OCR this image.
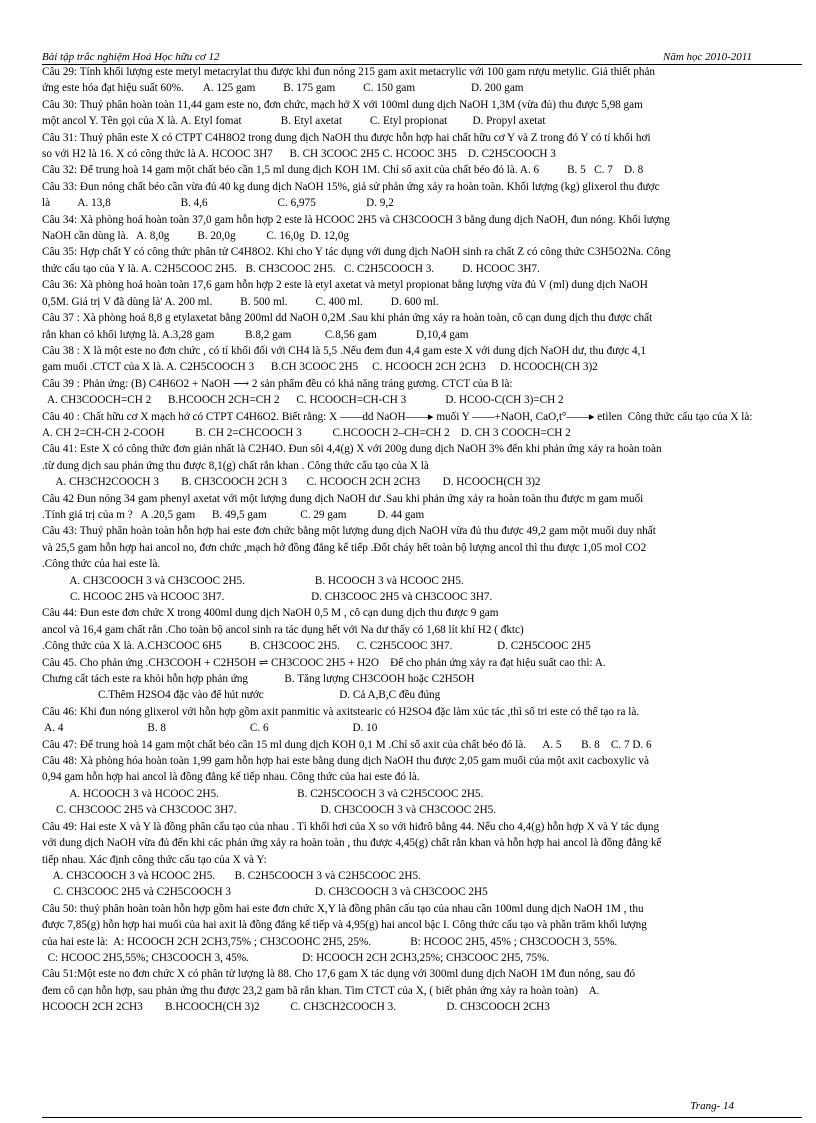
Bài tập trắc nghiệm Hoá Học hữu cơ 12	Năm học 2010-2011
Câu 29: Tính khối lượng este metyl metacrylat thu được khi đun nóng 215 gam axit metacrylic với 100 gam rượu metylic. Giả thiết phản
ứng este hóa đạt hiệu suất 60%.       A. 125 gam          B. 175 gam          C. 150 gam                    D. 200 gam
Câu 30: Thuỷ phân hoàn toàn 11,44 gam este no, đơn chức, mạch hở X với 100ml dung dịch NaOH 1,3M (vừa đủ) thu được 5,98 gam
một ancol Y. Tên gọi của X là. A. Etyl fomat              B. Etyl axetat          C. Etyl propionat         D. Propyl axetat
Câu 31: Thuỷ phân este X có CTPT C4H8O2 trong dung dịch NaOH thu được hỗn hợp hai chất hữu cơ Y và Z trong đó Y có tỉ khối hơi
so với H2 là 16. X có công thức là A. HCOOC 3H7      B. CH 3COOC 2H5 C. HCOOC 3H5    D. C2H5COOCH 3
Câu 32: Để trung hoà 14 gam một chất béo cần 1,5 ml dung dịch KOH 1M. Chỉ số axit của chất béo đó là. A. 6          B. 5   C. 7    D. 8
Câu 33: Đun nóng chất béo cần vừa đủ 40 kg dung dịch NaOH 15%, giả sử phản ứng xảy ra hoàn toàn. Khối lượng (kg) glixerol thu được
là          A. 13,8                         B. 4,6                         C. 6,975                  D. 9,2
Câu 34: Xà phòng hoá hoàn toàn 37,0 gam hỗn hợp 2 este là HCOOC 2H5 và CH3COOCH 3 bằng dung dịch NaOH, đun nóng. Khối lượng
NaOH cần dùng là.   A. 8,0g          B. 20,0g           C. 16,0g  D. 12,0g
Câu 35: Hợp chất Y có công thức phân tử C4H8O2. Khi cho Y tác dụng với dung dịch NaOH sinh ra chất Z có công thức C3H5O2Na. Công
thức cấu tạo của Y là. A. C2H5COOC 2H5.   B. CH3COOC 2H5.   C. C2H5COOCH 3.          D. HCOOC 3H7.
Câu 36: Xà phòng hoá hoàn toàn 17,6 gam hỗn hợp 2 este là etyl axetat và metyl propionat bằng lượng vừa đủ V (ml) dung dịch NaOH
0,5M. Giá trị V đã dùng là' A. 200 ml.          B. 500 ml.          C. 400 ml.          D. 600 ml.
Câu 37 : Xà phòng hoá 8,8 g etylaxetat bằng 200ml dd NaOH 0,2M .Sau khi phản ứng xảy ra hoàn toàn, cô cạn dung dịch thu được chất
rắn khan có khối lượng là. A.3,28 gam           B.8,2 gam            C.8,56 gam              D,10,4 gam
Câu 38 : X là một este no đơn chức , có tỉ khối đối với CH4 là 5,5 .Nếu đem đun 4,4 gam este X với dung dịch NaOH dư, thu được 4,1
gam muối .CTCT của X là. A. C2H5COOCH 3      B.CH 3COOC 2H5     C. HCOOCH 2CH 2CH3     D. HCOOCH(CH 3)2
Câu 39 : Phản ứng: (B) C4H6O2 + NaOH ⟶ 2 sản phẩm đều có khả năng tráng gương. CTCT của B là:
A. CH3COOCH=CH 2      B.HCOOCH 2CH=CH 2      C. HCOOCH=CH-CH 3              D. HCOO-C(CH 3)=CH 2
Câu 40 : Chất hữu cơ X mạch hở có CTPT C4H6O2. Biết rằng: X ——dd NaOH——▸ muối Y ——+NaOH, CaO,t°——▸ etilen  Công thức cấu tạo của X là:
A. CH 2=CH-CH 2-COOH           B. CH 2=CHCOOCH 3           C.HCOOCH 2–CH=CH 2    D. CH 3 COOCH=CH 2
Câu 41: Este X có công thức đơn giản nhất là C2H4O. Đun sôi 4,4(g) X với 200g dung dịch NaOH 3% đến khi phản ứng xảy ra hoàn toàn
.từ dung dịch sau phản ứng thu được 8,1(g) chất rắn khan . Công thức cấu tạo của X là
A. CH3CH2COOCH 3        B. CH3COOCH 2CH 3       C. HCOOCH 2CH 2CH3        D. HCOOCH(CH 3)2
Câu 42 Đun nóng 34 gam phenyl axetat với một lượng dung dịch NaOH dư .Sau khi phản ứng xảy ra hoàn toàn thu được m gam muối
.Tính giá trị của m ?   A .20,5 gam      B. 49,5 gam            C. 29 gam           D. 44 gam
Câu 43: Thuỷ phân hoàn toàn hỗn hợp hai este đơn chức bằng một lượng dung dịch NaOH vừa đủ thu được 49,2 gam một muối duy nhất
và 25,5 gam hỗn hợp hai ancol no, đơn chức ,mạch hở đồng đẳng kế tiếp .Đốt cháy hết toàn bộ lượng ancol thì thu được 1,05 mol CO2
.Công thức của hai este là.
A. CH3COOCH 3 và CH3COOC 2H5.                         B. HCOOCH 3 và HCOOC 2H5.
C. HCOOC 2H5 và HCOOC 3H7.                               D. CH3COOC 2H5 và CH3COOC 3H7.
Câu 44: Đun este đơn chức X trong 400ml dung dịch NaOH 0,5 M , cô cạn dung dịch thu được 9 gam
ancol và 16,4 gam chất rắn .Cho toàn bộ ancol sinh ra tác dụng hết với Na dư thấy có 1,68 lít khí H2 ( đktc)
.Công thức của X là. A.CH3COOC 6H5          B. CH3COOC 2H5.      C. C2H5COOC 3H7.                D. C2H5COOC 2H5
Câu 45. Cho phản ứng .CH3COOH + C2H5OH ⇌ CH3COOC 2H5 + H2O    Để cho phản ứng xảy ra đạt hiệu suất cao thì: A.
Chưng cất tách este ra khỏi hỗn hợp phản ứng             B. Tăng lượng CH3COOH hoặc C2H5OH
C.Thêm H2SO4 đặc vào để hút nước                           D. Cả A,B,C đều đúng
Câu 46: Khi đun nóng glixerol với hỗn hợp gồm axit panmitic và axitstearic có H2SO4 đặc làm xúc tác ,thì số tri este có thể tạo ra là.
A. 4                              B. 8                              C. 6                              D. 10
Câu 47: Để trung hoà 14 gam một chất béo cần 15 ml dung dịch KOH 0,1 M .Chỉ số axit của chất béo đó là.      A. 5       B. 8    C. 7 D. 6
Câu 48: Xà phòng hóa hoàn toàn 1,99 gam hỗn hợp hai este bằng dung dịch NaOH thu được 2,05 gam muối của một axit cacboxylic và
0,94 gam hỗn hợp hai ancol là đồng đẳng kế tiếp nhau. Công thức của hai este đó là.
A. HCOOCH 3 và HCOOC 2H5.                            B. C2H5COOCH 3 và C2H5COOC 2H5.
C. CH3COOC 2H5 và CH3COOC 3H7.                              D. CH3COOCH 3 và CH3COOC 2H5.
Câu 49: Hai este X và Y là đồng phân cấu tạo của nhau . Tỉ khối hơi của X so với hiđrô bằng 44. Nếu cho 4,4(g) hỗn hợp X và Y tác dụng
với dung dịch NaOH vừa đủ đến khi các phản ứng xảy ra hoàn toàn , thu được 4,45(g) chất rắn khan và hỗn hợp hai ancol là đồng đẳng kế
tiếp nhau. Xác định công thức cấu tạo của X và Y:
A. CH3COOCH 3 và HCOOC 2H5.       B. C2H5COOCH 3 và C2H5COOC 2H5.
C. CH3COOC 2H5 và C2H5COOCH 3                              D. CH3COOCH 3 và CH3COOC 2H5
Câu 50: thuỷ phân hoàn toàn hỗn hợp gồm hai este đơn chức X,Y là đồng phân cấu tạo của nhau cần 100ml dung dịch NaOH 1M , thu
được 7,85(g) hỗn hợp hai muối của hai axit là đồng đẳng kế tiếp và 4,95(g) hai ancol bậc I. Công thức cấu tạo và phần trăm khối lượng
của hai este là:  A: HCOOCH 2CH 2CH3,75% ; CH3COOHC 2H5, 25%.              B: HCOOC 2H5, 45% ; CH3COOCH 3, 55%.
C: HCOOC 2H5,55%; CH3COOCH 3, 45%.                   D: HCOOCH 2CH 2CH3,25%; CH3COOC 2H5, 75%.
Câu 51:Một este no đơn chức X có phân tử lượng là 88. Cho 17,6 gam X tác dụng với 300ml dung dịch NaOH 1M đun nóng, sau đó
đem cô cạn hỗn hợp, sau phản ứng thu được 23,2 gam bã rắn khan. Tìm CTCT của X, ( biết phản ứng xảy ra hoàn toàn)    A.
HCOOCH 2CH 2CH3        B.HCOOCH(CH 3)2           C. CH3CH2COOCH 3.                  D. CH3COOCH 2CH3
Trang- 14
